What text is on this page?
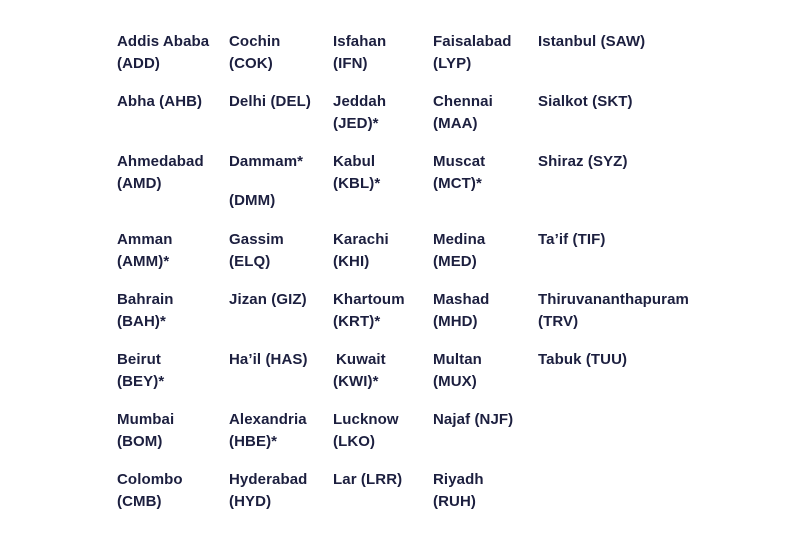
Addis Ababa
(ADD)
Abha (AHB)
Ahmedabad
(AMD)
Amman
(AMM)*
Bahrain
(BAH)*
Beirut
(BEY)*
Mumbai
(BOM)
Colombo
(CMB)
Cochin
(COK)
Delhi (DEL)
Dammam*
(DMM)
Gassim
(ELQ)
Jizan (GIZ)
Ha’il (HAS)
Alexandria
(HBE)*
Hyderabad
(HYD)
Isfahan
(IFN)
Jeddah
(JED)*
Kabul
(KBL)*
Karachi
(KHI)
Khartoum
(KRT)*
Kuwait
(KWI)*
Lucknow
(LKO)
Lar (LRR)
Faisalabad
(LYP)
Chennai
(MAA)
Muscat
(MCT)*
Medina
(MED)
Mashad
(MHD)
Multan
(MUX)
Najaf (NJF)
Riyadh
(RUH)
Istanbul (SAW)
Sialkot (SKT)
Shiraz (SYZ)
Ta’if (TIF)
Thiruvananthapuram
(TRV)
Tabuk (TUU)
